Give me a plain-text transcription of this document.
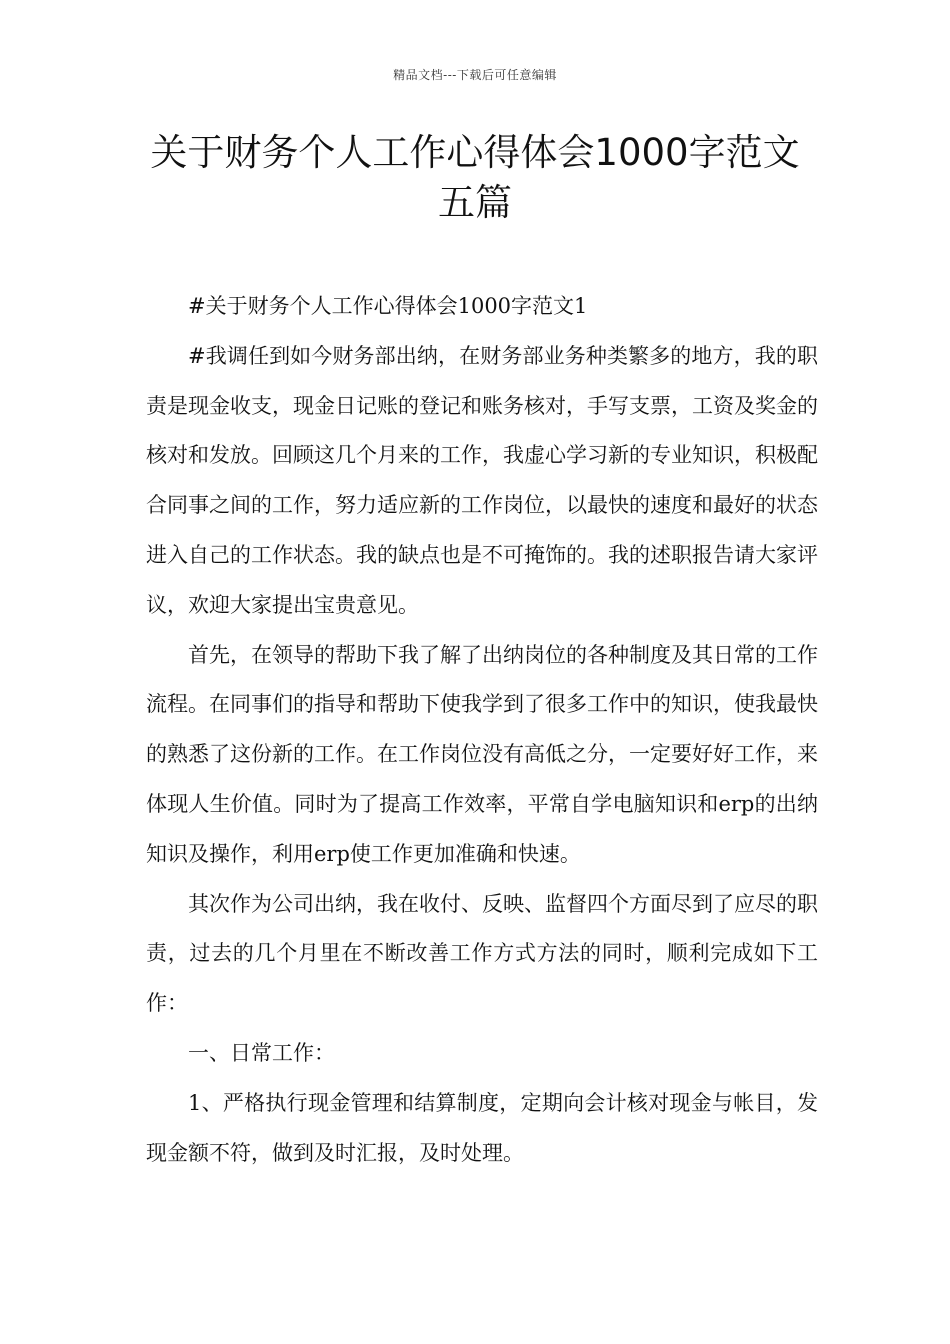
精品文档---下载后可任意编辑
关于财务个人工作心得体会1000字范文五篇

#关于财务个人工作心得体会1000字范文1

#我调任到如今财务部出纳，在财务部业务种类繁多的地方，我的职责是现金收支，现金日记账的登记和账务核对，手写支票，工资及奖金的核对和发放。回顾这几个月来的工作，我虚心学习新的专业知识，积极配合同事之间的工作，努力适应新的工作岗位，以最快的速度和最好的状态进入自己的工作状态。我的缺点也是不可掩饰的。我的述职报告请大家评议，欢迎大家提出宝贵意见。

首先，在领导的帮助下我了解了出纳岗位的各种制度及其日常的工作流程。在同事们的指导和帮助下使我学到了很多工作中的知识，使我最快的熟悉了这份新的工作。在工作岗位没有高低之分，一定要好好工作，来体现人生价值。同时为了提高工作效率，平常自学电脑知识和erp的出纳知识及操作，利用erp使工作更加准确和快速。

其次作为公司出纳，我在收付、反映、监督四个方面尽到了应尽的职责，过去的几个月里在不断改善工作方式方法的同时，顺利完成如下工作：

一、日常工作：

1、严格执行现金管理和结算制度，定期向会计核对现金与帐目，发现金额不符，做到及时汇报，及时处理。
